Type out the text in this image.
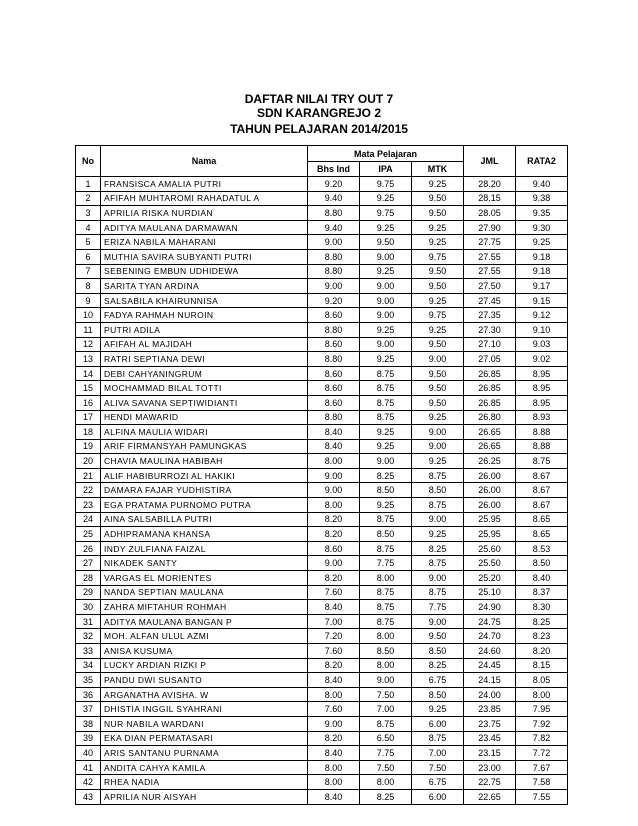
DAFTAR NILAI TRY OUT 7
SDN KARANGREJO 2
TAHUN PELAJARAN 2014/2015
No	Nama	Mata Pelajaran			JML	RATA2
		Bhs Ind	IPA	MTK		
1	FRANSISCA AMALIA PUTRI	9.20	9.75	9.25	28.20	9.40
2	AFIFAH MUHTAROMI RAHADATUL A	9.40	9.25	9.50	28.15	9.38
3	APRILIA RISKA NURDIAN	8.80	9.75	9.50	28.05	9.35
4	ADITYA MAULANA DARMAWAN	9.40	9.25	9.25	27.90	9.30
5	ERIZA NABILA MAHARANI	9.00	9.50	9.25	27.75	9.25
6	MUTHIA SAVIRA SUBYANTI PUTRI	8.80	9.00	9.75	27.55	9.18
7	SEBENING EMBUN UDHIDEWA	8.80	9.25	9.50	27.55	9.18
8	SARITA TYAN ARDINA	9.00	9.00	9.50	27.50	9.17
9	SALSABILA KHAIRUNNISA	9.20	9.00	9.25	27.45	9.15
10	FADYA RAHMAH NUROIN	8.60	9.00	9.75	27.35	9.12
11	PUTRI ADILA	8.80	9.25	9.25	27.30	9.10
12	AFIFAH AL MAJIDAH	8.60	9.00	9.50	27.10	9.03
13	RATRI SEPTIANA DEWI	8.80	9.25	9.00	27.05	9.02
14	DEBI CAHYANINGRUM	8.60	8.75	9.50	26.85	8.95
15	MOCHAMMAD BILAL TOTTI	8.60	8.75	9.50	26.85	8.95
16	ALIVA SAVANA SEPTIWIDIANTI	8.60	8.75	9.50	26.85	8.95
17	HENDI MAWARID	8.80	8.75	9.25	26.80	8.93
18	ALFINA MAULIA WIDARI	8.40	9.25	9.00	26.65	8.88
19	ARIF FIRMANSYAH PAMUNGKAS	8.40	9.25	9.00	26.65	8.88
20	CHAVIA MAULINA HABIBAH	8.00	9.00	9.25	26.25	8.75
21	ALIF HABIBURROZI AL HAKIKI	9.00	8.25	8.75	26.00	8.67
22	DAMARA FAJAR YUDHISTIRA	9.00	8.50	8.50	26.00	8.67
23	EGA PRATAMA PURNOMO PUTRA	8.00	9.25	8.75	26.00	8.67
24	AINA SALSABILLA PUTRI	8.20	8.75	9.00	25.95	8.65
25	ADHIPRAMANA KHANSA	8.20	8.50	9.25	25.95	8.65
26	INDY ZULFIANA FAIZAL	8.60	8.75	8.25	25.60	8.53
27	NIKADEK SANTY	9.00	7.75	8.75	25.50	8.50
28	VARGAS EL MORIENTES	8.20	8.00	9.00	25.20	8.40
29	NANDA SEPTIAN MAULANA	7.60	8.75	8.75	25.10	8.37
30	ZAHRA MIFTAHUR ROHMAH	8.40	8.75	7.75	24.90	8.30
31	ADITYA MAULANA BANGAN P	7.00	8.75	9.00	24.75	8.25
32	MOH. ALFAN ULUL AZMI	7.20	8.00	9.50	24.70	8.23
33	ANISA KUSUMA	7.60	8.50	8.50	24.60	8.20
34	LUCKY ARDIAN RIZKI P	8.20	8.00	8.25	24.45	8.15
35	PANDU DWI SUSANTO	8.40	9.00	6.75	24.15	8.05
36	ARGANATHA AVISHA. W	8.00	7.50	8.50	24.00	8.00
37	DHISTIA INGGIL SYAHRANI	7.60	7.00	9.25	23.85	7.95
38	NUR NABILA WARDANI	9.00	8.75	6.00	23.75	7.92
39	EKA DIAN PERMATASARI	8.20	6.50	8.75	23.45	7.82
40	ARIS SANTANU PURNAMA	8.40	7.75	7.00	23.15	7.72
41	ANDITA CAHYA KAMILA	8.00	7.50	7.50	23.00	7.67
42	RHEA NADIA	8.00	8.00	6.75	22.75	7.58
43	APRILIA NUR AISYAH	8.40	8.25	6.00	22.65	7.55
